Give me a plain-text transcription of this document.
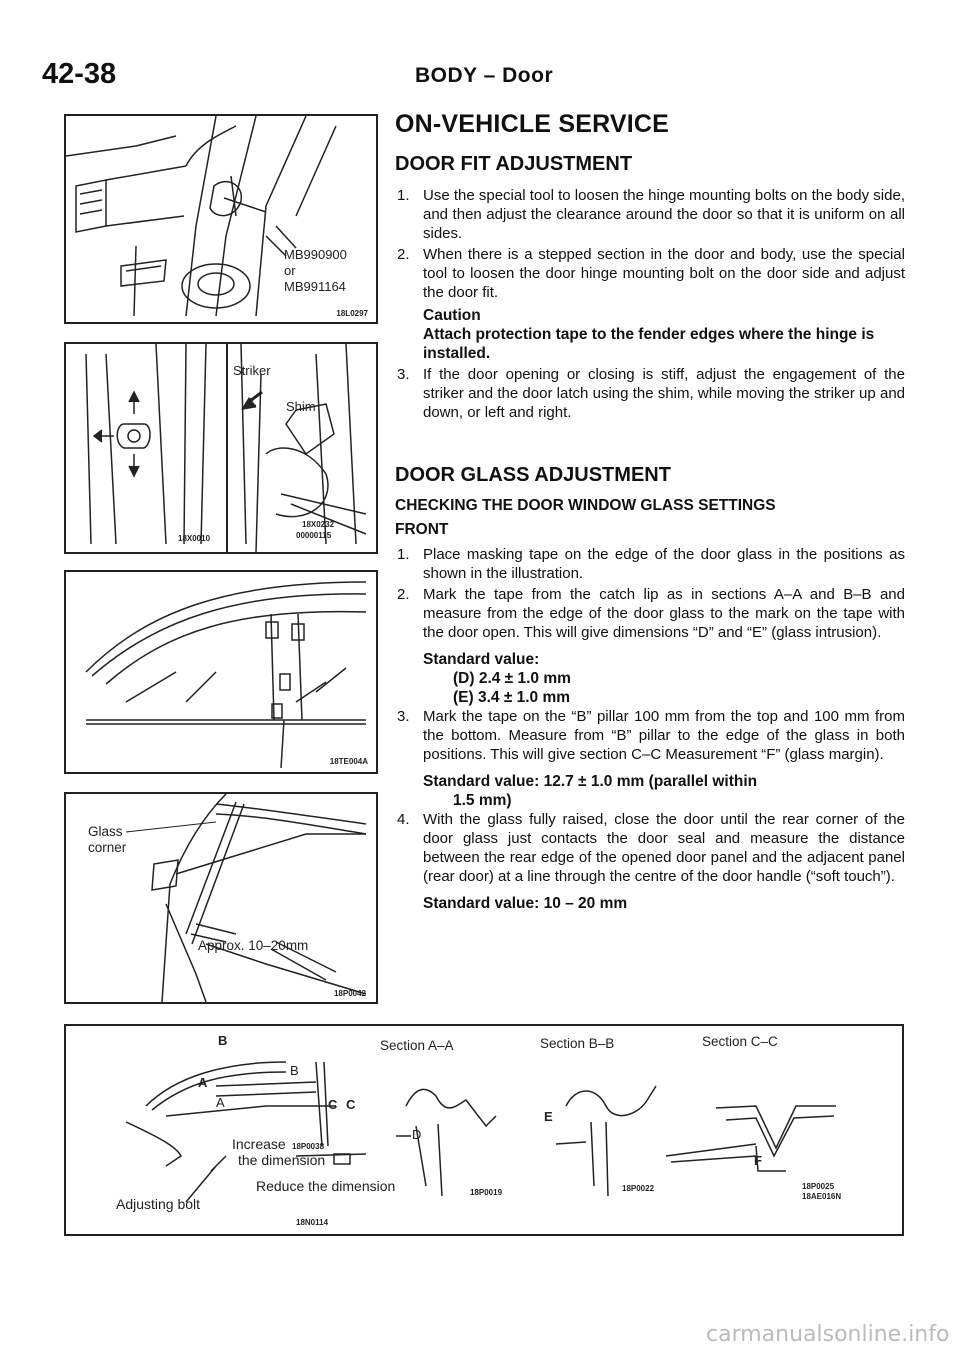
42-38	BODY – Door
MB990900
or
MB991164
18L0297
Striker
Shim
18X0010
18X0232
00000115
18TE004A
Glass
corner
Approx. 10–20mm
18P0042
B
A
A
B
C C
D
E
F
Section A–A	Section B–B	Section C–C
Increase
the dimension
Reduce the dimension
Adjusting bolt
18P0038
18N0114
18P0019	18P0022	18P0025
18AE016N
ON-VEHICLE SERVICE
DOOR FIT ADJUSTMENT
1. Use the special tool to loosen the hinge mounting bolts on the body side, and then adjust the clearance around the door so that it is uniform on all sides.
2. When there is a stepped section in the door and body, use the special tool to loosen the door hinge mounting bolt on the door side and adjust the door fit.
Caution
Attach protection tape to the fender edges where the hinge is installed.
3. If the door opening or closing is stiff, adjust the engagement of the striker and the door latch using the shim, while moving the striker up and down, or left and right.
DOOR GLASS ADJUSTMENT
CHECKING THE DOOR WINDOW GLASS SETTINGS
FRONT
1. Place masking tape on the edge of the door glass in the positions as shown in the illustration.
2. Mark the tape from the catch lip as in sections A–A and B–B and measure from the edge of the door glass to the mark on the tape with the door open. This will give dimensions “D” and “E” (glass intrusion).
Standard value:
(D) 2.4 ± 1.0 mm
(E) 3.4 ± 1.0 mm
3. Mark the tape on the “B” pillar 100 mm from the top and 100 mm from the bottom. Measure from “B” pillar to the edge of the glass in both positions. This will give section C–C Measurement “F” (glass margin).
Standard value: 12.7 ± 1.0 mm (parallel within
1.5 mm)
4. With the glass fully raised, close the door until the rear corner of the door glass just contacts the door seal and measure the distance between the rear edge of the opened door panel and the adjacent panel (rear door) at a line through the centre of the door handle (“soft touch”).
Standard value: 10 – 20 mm
carmanualsonline.info
